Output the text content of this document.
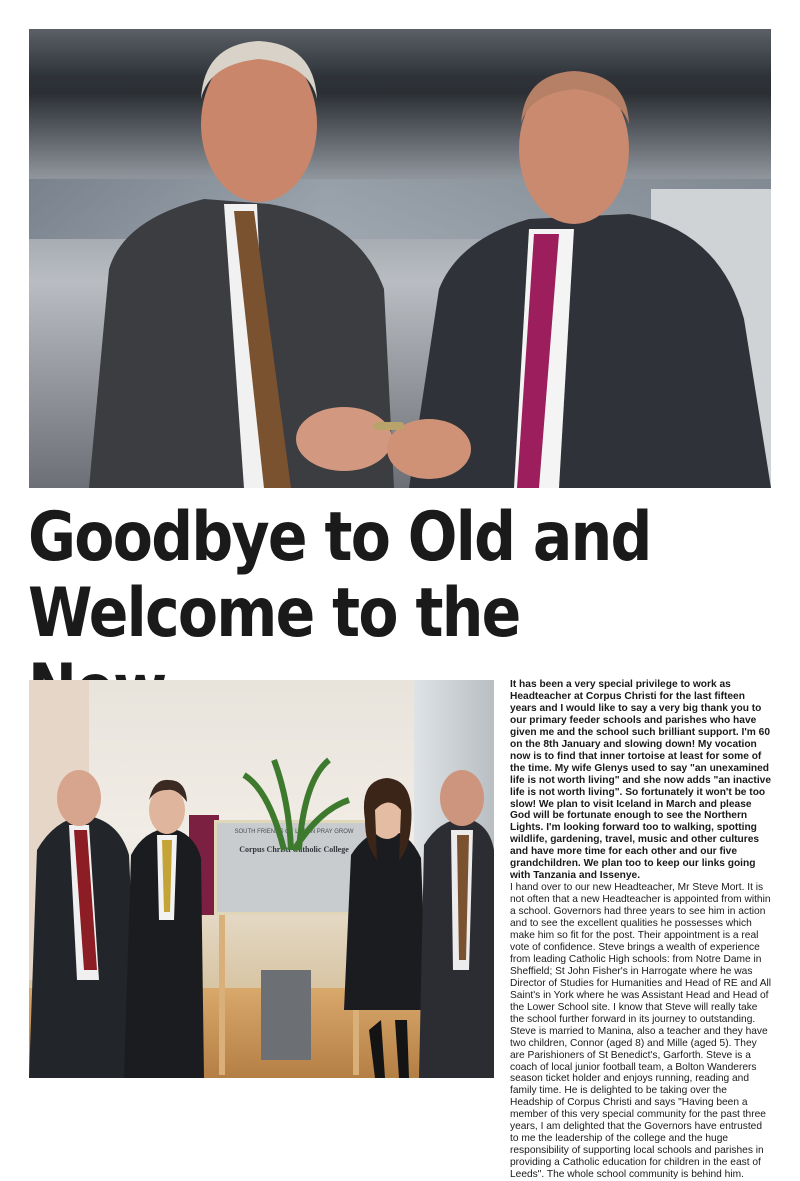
Goodbye to Old and
Welcome to the
SOUTH FRIENDS OF LEARN PRAY GROW
Corpus Christi Catholic College

It has been a very special privilege to work as Headteacher at Corpus Christi for the last fifteen years and I would like to say a very big thank you to our primary feeder schools and parishes who have given me and the school such brilliant support. I'm 60 on the 8th January and slowing down! My vocation now is to find that inner tortoise at least for some of the time. My wife Glenys used to say "an unexamined life is not worth living" and she now adds "an inactive life is not worth living". So fortunately it won't be too slow! We plan to visit Iceland in March and please God will be fortunate enough to see the Northern Lights. I'm looking forward too to walking, spotting wildlife, gardening, travel, music and other cultures and have more time for each other and our five grandchildren. We plan too to keep our links going with Tanzania and Issenye.
I hand over to our new Headteacher, Mr Steve Mort. It is not often that a new Headteacher is appointed from within a school. Governors had three years to see him in action and to see the excellent qualities he possesses which make him so fit for the post. Their appointment is a real vote of confidence. Steve brings a wealth of experience from leading Catholic High schools: from Notre Dame in Sheffield; St John Fisher's in Harrogate where he was Director of Studies for Humanities and Head of RE and All Saint's in York where he was Assistant Head and Head of the Lower School site. I know that Steve will really take the school further forward in its journey to outstanding. Steve is married to Manina, also a teacher and they have two children, Connor (aged 8) and Mille (aged 5). They are Parishioners of St Benedict's, Garforth. Steve is a coach of local junior football team, a Bolton Wanderers season ticket holder and enjoys running, reading and family time. He is delighted to be taking over the Headship of Corpus Christi and says "Having been a member of this very special community for the past three years, I am delighted that the Governors have entrusted to me the leadership of the college and the huge responsibility of supporting local schools and parishes in providing a Catholic education for children in the east of Leeds". The whole school community is behind him.
